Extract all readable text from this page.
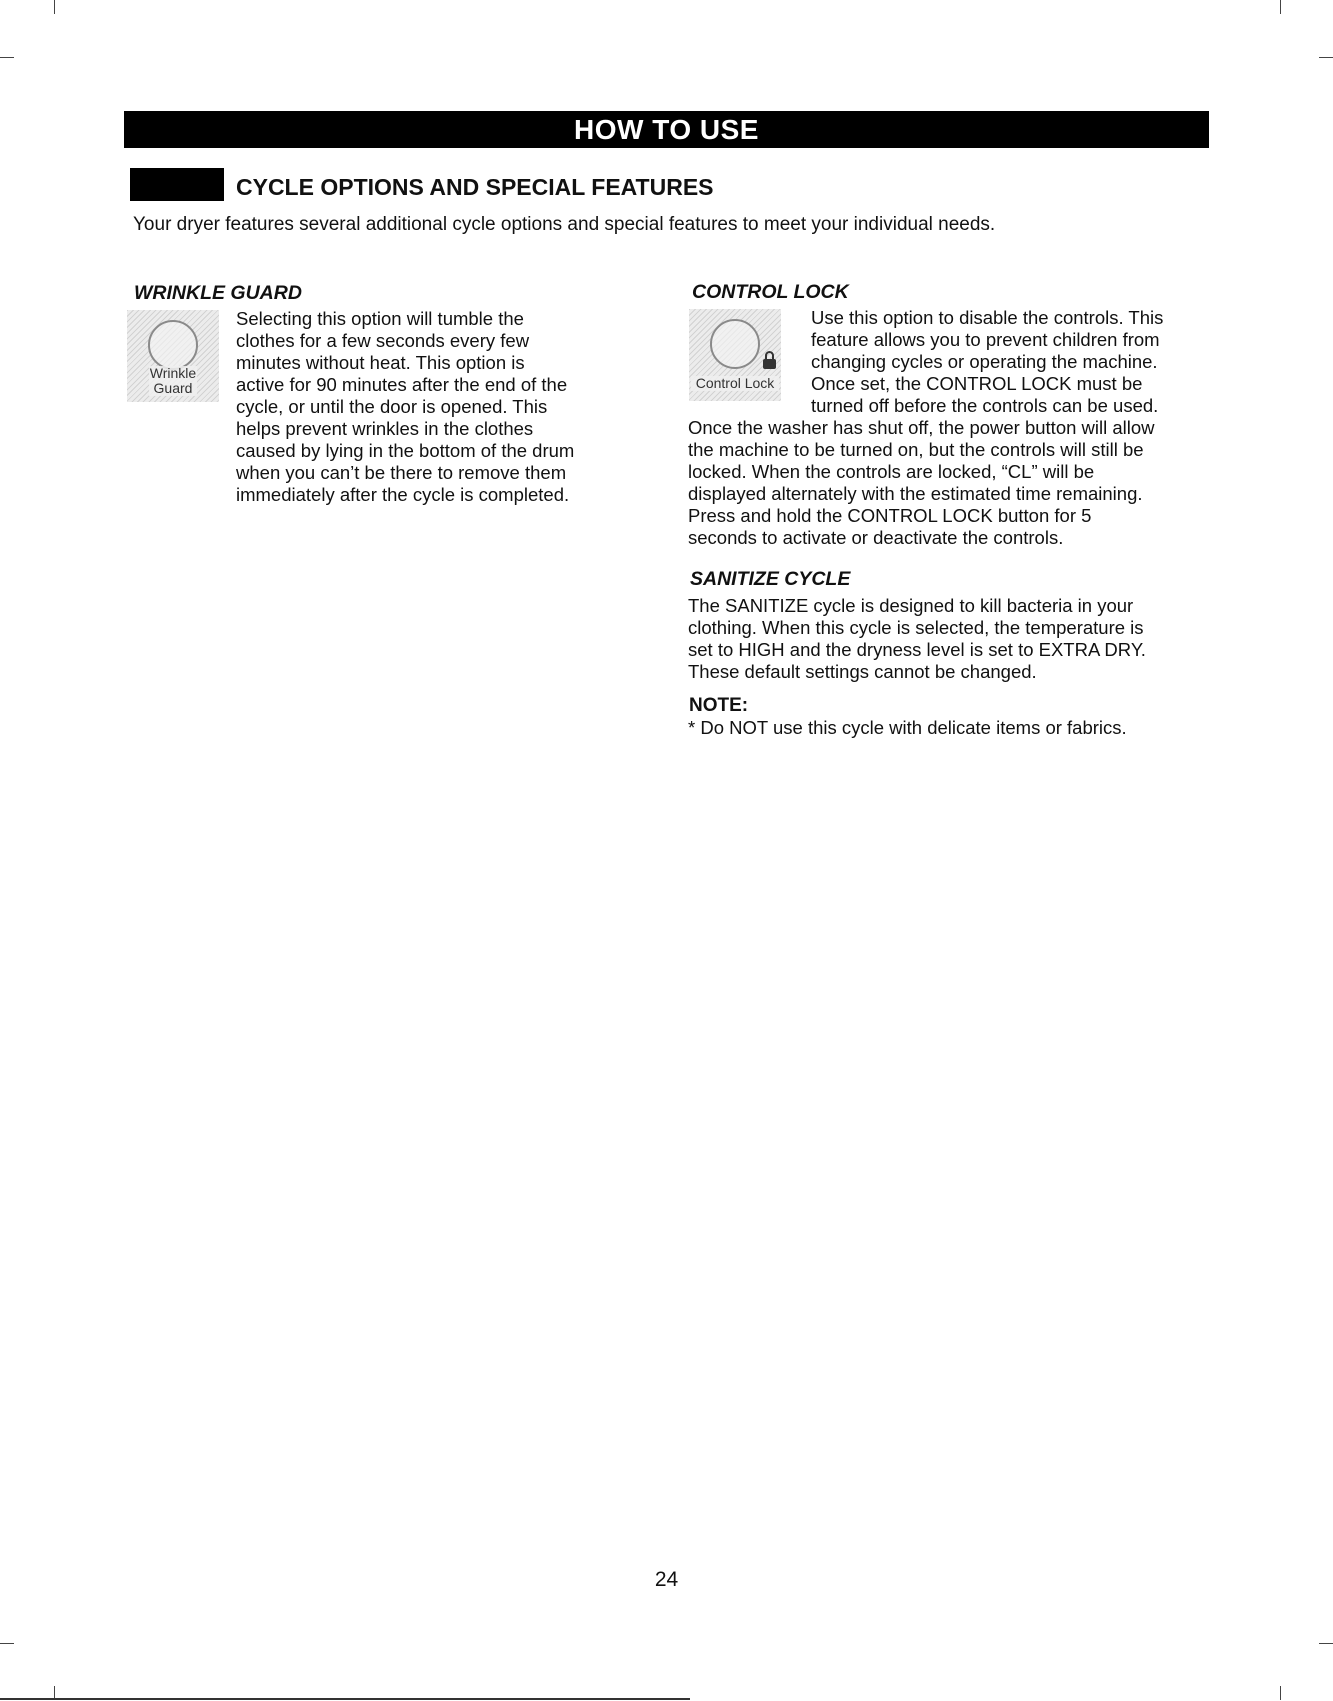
HOW TO USE
CYCLE OPTIONS AND SPECIAL FEATURES
Your dryer features several additional cycle options and special features to meet your individual needs.
WRINKLE GUARD
Wrinkle
Guard
Selecting this option will tumble the
clothes for a few seconds every few
minutes without heat. This option is
active for 90 minutes after the end of the
cycle, or until the door is opened. This
helps prevent wrinkles in the clothes
caused by lying in the bottom of the drum
when you can’t be there to remove them
immediately after the cycle is completed.
CONTROL LOCK
Control Lock
Use this option to disable the controls. This
feature allows you to prevent children from
changing cycles or operating the machine.
Once set, the CONTROL LOCK must be
turned off before the controls can be used.
Once the washer has shut off, the power button will allow
the machine to be turned on, but the controls will still be
locked. When the controls are locked, “CL” will be
displayed alternately with the estimated time remaining.
Press and hold the CONTROL LOCK button for 5
seconds to activate or deactivate the controls.
SANITIZE CYCLE
The SANITIZE cycle is designed to kill bacteria in your
clothing. When this cycle is selected, the temperature is
set to HIGH and the dryness level is set to EXTRA DRY.
These default settings cannot be changed.
NOTE:
* Do NOT use this cycle with delicate items or fabrics.
24
